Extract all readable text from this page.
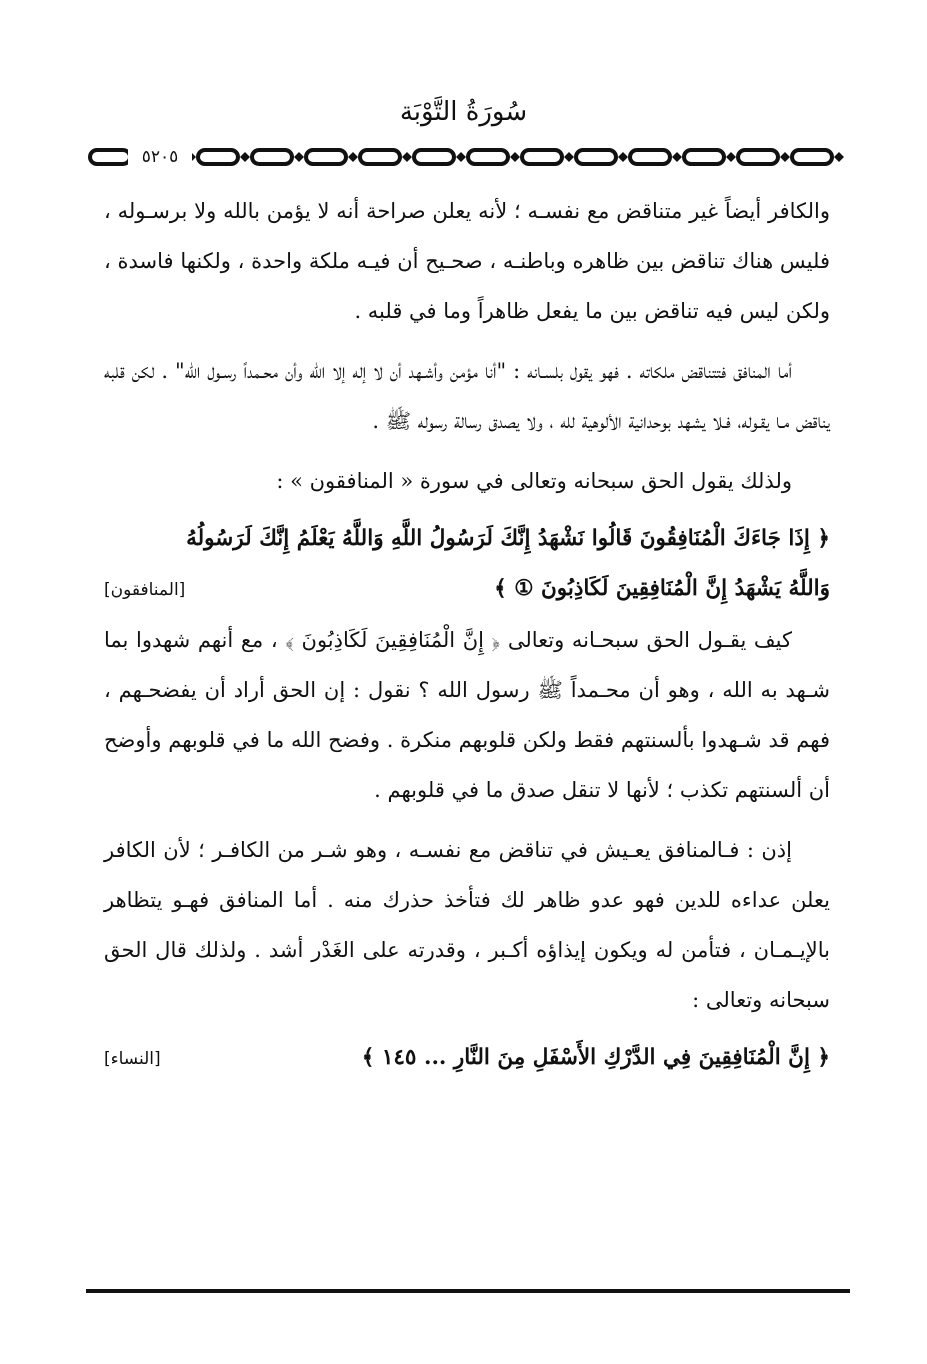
سُورَةُ التَّوْبَة
٥٢٠٥

والكافر أيضاً غير متناقض مع نفسـه ؛ لأنه يعلن صراحة أنه لا يؤمن بالله ولا برسـوله ، فليس هناك تناقض بين ظاهره وباطنـه ، صحـيح أن فيـه ملكة واحدة ، ولكنها فاسدة ، ولكن ليس فيه تناقض بين ما يفعل ظاهراً وما في قلبه .

أما المنافق فتتناقض ملكاته . فهو يقول بلسـانه : "أنا مؤمن وأشـهد أن لا إله إلا الله وأن محـمداً رسـول الله" . لكن قلبه يناقض مـا يقـوله، فـلا يشهد بوحدانية الألوهية لله ، ولا يصدق رسالة رسوله ﷺ .

ولذلك يقول الحق سبحانه وتعالى في سورة « المنافقون » :

﴿ إِذَا جَاءَكَ الْمُنَافِقُونَ قَالُوا نَشْهَدُ إِنَّكَ لَرَسُولُ اللَّهِ وَاللَّهُ يَعْلَمُ إِنَّكَ لَرَسُولُهُ
وَاللَّهُ يَشْهَدُ إِنَّ الْمُنَافِقِينَ لَكَاذِبُونَ ① ﴾
[المنافقون]

كيف يقـول الحق سبحـانه وتعالى ﴿ إِنَّ الْمُنَافِقِينَ لَكَاذِبُونَ ﴾ ، مع أنهم شهدوا بما شـهد به الله ، وهو أن محـمداً ﷺ رسول الله ؟ نقول : إن الحق أراد أن يفضحـهم ، فهم قد شـهدوا بألسنتهم فقط ولكن قلوبهم منكرة . وفضح الله ما في قلوبهم وأوضح أن ألسنتهم تكذب ؛ لأنها لا تنقل صدق ما في قلوبهم .

إذن : فـالمنافق يعـيش في تناقض مع نفسـه ، وهو شـر من الكافـر ؛ لأن الكافر يعلن عداءه للدين فهو عدو ظاهر لك فتأخذ حذرك منه . أما المنافق فهـو يتظاهر بالإيـمـان ، فتأمن له ويكون إيذاؤه أكـبر ، وقدرته على الغَدْر أشد . ولذلك قال الحق سبحانه وتعالى :

﴿ إِنَّ الْمُنَافِقِينَ فِي الدَّرْكِ الأَسْفَلِ مِنَ النَّارِ ... ١٤٥ ﴾
[النساء]
